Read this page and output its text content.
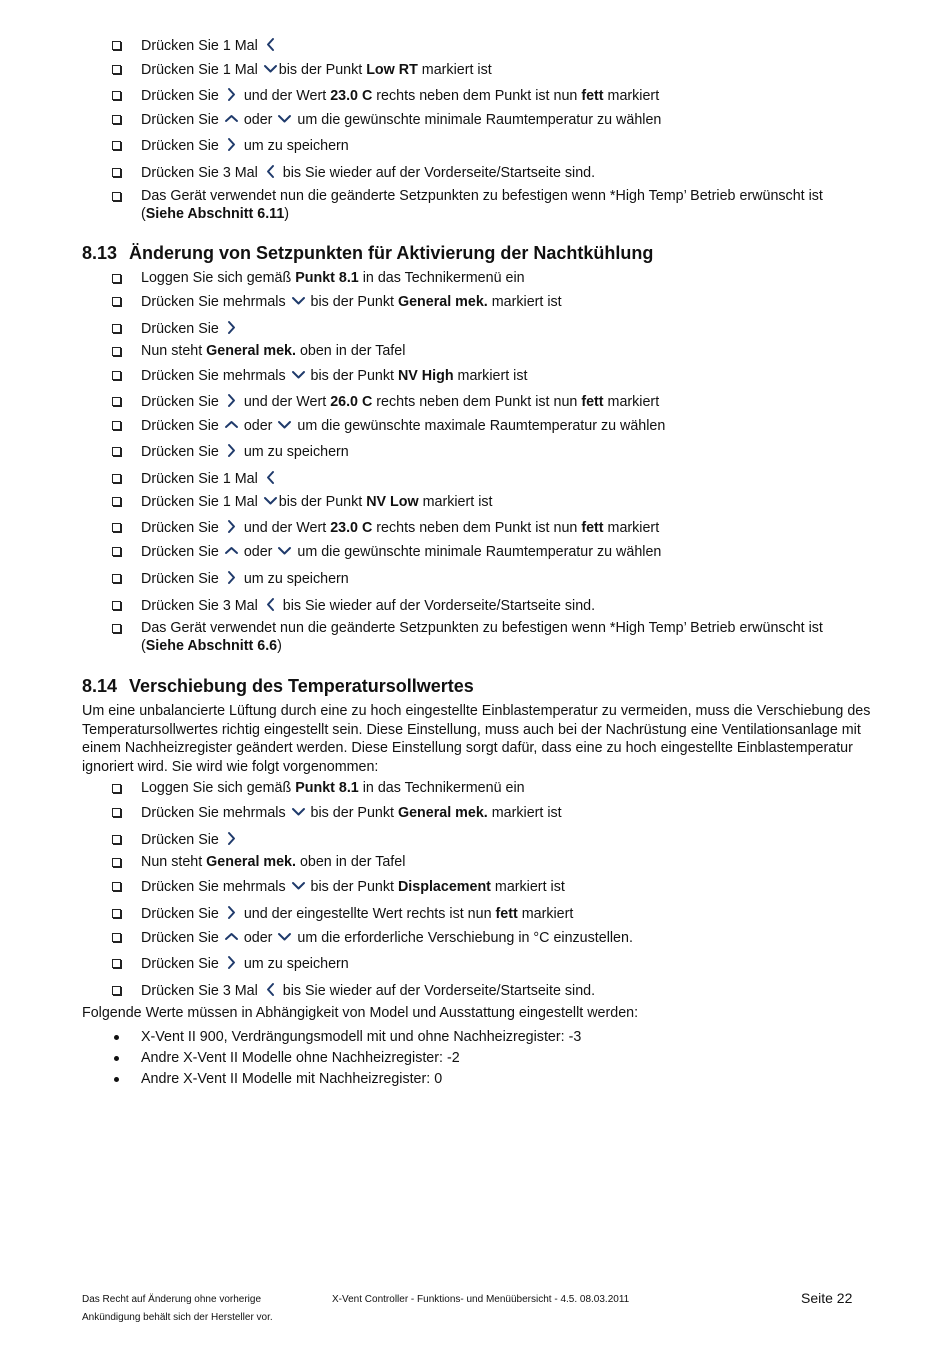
Drücken Sie 1 Mal
Drücken Sie 1 Mal
bis der Punkt Low RT markiert ist
Drücken Sie
und der Wert 23.0 C rechts neben dem Punkt ist nun fett markiert
Drücken Sie
oder
um die gewünschte minimale Raumtemperatur zu wählen
Drücken Sie
um zu speichern
Drücken Sie 3 Mal
bis Sie wieder auf der Vorderseite/Startseite sind.
Das Gerät verwendet nun die geänderte Setzpunkten zu befestigen wenn *High Temp’ Betrieb erwünscht ist
(Siehe Abschnitt 6.11)
8.13 Änderung von Setzpunkten für Aktivierung der Nachtkühlung
Loggen Sie sich gemäß Punkt 8.1 in das Technikermenü ein
Drücken Sie mehrmals
bis der Punkt General mek. markiert ist
Drücken Sie
Nun steht General mek. oben in der Tafel
Drücken Sie mehrmals
bis der Punkt NV High markiert ist
Drücken Sie
und der Wert 26.0 C rechts neben dem Punkt ist nun fett markiert
Drücken Sie
oder
um die gewünschte maximale Raumtemperatur zu wählen
Drücken Sie
um zu speichern
Drücken Sie 1 Mal
Drücken Sie 1 Mal
bis der Punkt NV Low markiert ist
Drücken Sie
und der Wert 23.0 C rechts neben dem Punkt ist nun fett markiert
Drücken Sie
oder
um die gewünschte minimale Raumtemperatur zu wählen
Drücken Sie
um zu speichern
Drücken Sie 3 Mal
bis Sie wieder auf der Vorderseite/Startseite sind.
Das Gerät verwendet nun die geänderte Setzpunkten zu befestigen wenn *High Temp’ Betrieb erwünscht ist
(Siehe Abschnitt 6.6)
8.14 Verschiebung des Temperatursollwertes
Um eine unbalancierte Lüftung durch eine zu hoch eingestellte Einblastemperatur zu vermeiden, muss die Verschiebung des Temperatursollwertes richtig eingestellt sein. Diese Einstellung, muss auch bei der Nachrüstung eine Ventilationsanlage mit einem Nachheizregister geändert werden. Diese Einstellung sorgt dafür, dass eine zu hoch eingestellte Einblastemperatur ignoriert wird. Sie wird wie folgt vorgenommen:
Loggen Sie sich gemäß Punkt 8.1 in das Technikermenü ein
Drücken Sie mehrmals
bis der Punkt General mek. markiert ist
Drücken Sie
Nun steht General mek. oben in der Tafel
Drücken Sie mehrmals
bis der Punkt Displacement markiert ist
Drücken Sie
und der eingestellte Wert rechts ist nun fett markiert
Drücken Sie
oder
um die erforderliche Verschiebung in °C einzustellen.
Drücken Sie
um zu speichern
Drücken Sie 3 Mal
bis Sie wieder auf der Vorderseite/Startseite sind.
Folgende Werte müssen in Abhängigkeit von Model und Ausstattung eingestellt werden:
X-Vent II 900, Verdrängungsmodell mit und ohne Nachheizregister: -3
Andre X-Vent II Modelle ohne Nachheizregister: -2
Andre X-Vent II Modelle mit Nachheizregister: 0
Das Recht auf Änderung ohne vorherige
Ankündigung behält sich der Hersteller vor.
X-Vent Controller - Funktions- und Menüübersicht - 4.5. 08.03.2011	Seite 22
